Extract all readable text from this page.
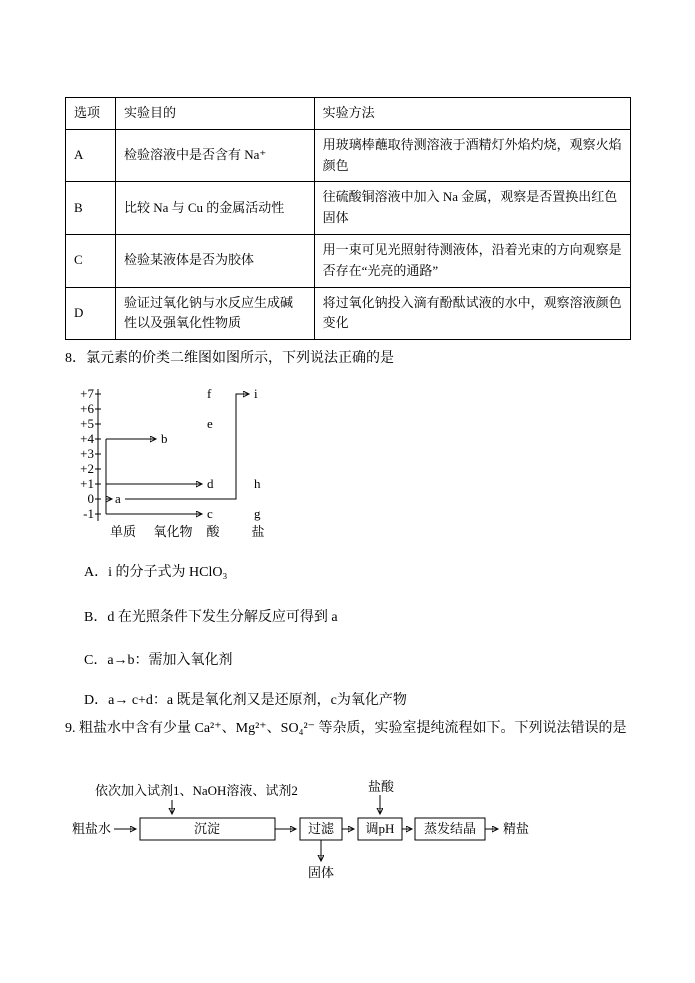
选项	实验目的	实验方法
A	检验溶液中是否含有 Na⁺	用玻璃棒蘸取待测溶液于酒精灯外焰灼烧，观察火焰颜色
B	比较 Na 与 Cu 的金属活动性	往硫酸铜溶液中加入 Na 金属，观察是否置换出红色固体
C	检验某液体是否为胶体	用一束可见光照射待测液体，沿着光束的方向观察是否存在“光亮的通路”
D	验证过氧化钠与水反应生成碱性以及强氧化性物质	将过氧化钠投入滴有酚酞试液的水中，观察溶液颜色变化
8．氯元素的价类二维图如图所示，下列说法正确的是
+7
+6
+5
+4
+3
+2
+1
0
-1
a
b
c
d
e
f
g
h
i
单质 氧化物 酸 盐
A．i 的分子式为 HClO₃
B．d 在光照条件下发生分解反应可得到 a
C．a→b：需加入氧化剂
D．a→ c+d：a 既是氧化剂又是还原剂，c为氧化产物
9. 粗盐水中含有少量 Ca²⁺、Mg²⁺、SO₄²⁻ 等杂质，实验室提纯流程如下。下列说法错误的是
依次加入试剂1、NaOH溶液、试剂2	盐酸
粗盐水	沉淀	过滤 调pH 蒸发结晶 精盐
固体
